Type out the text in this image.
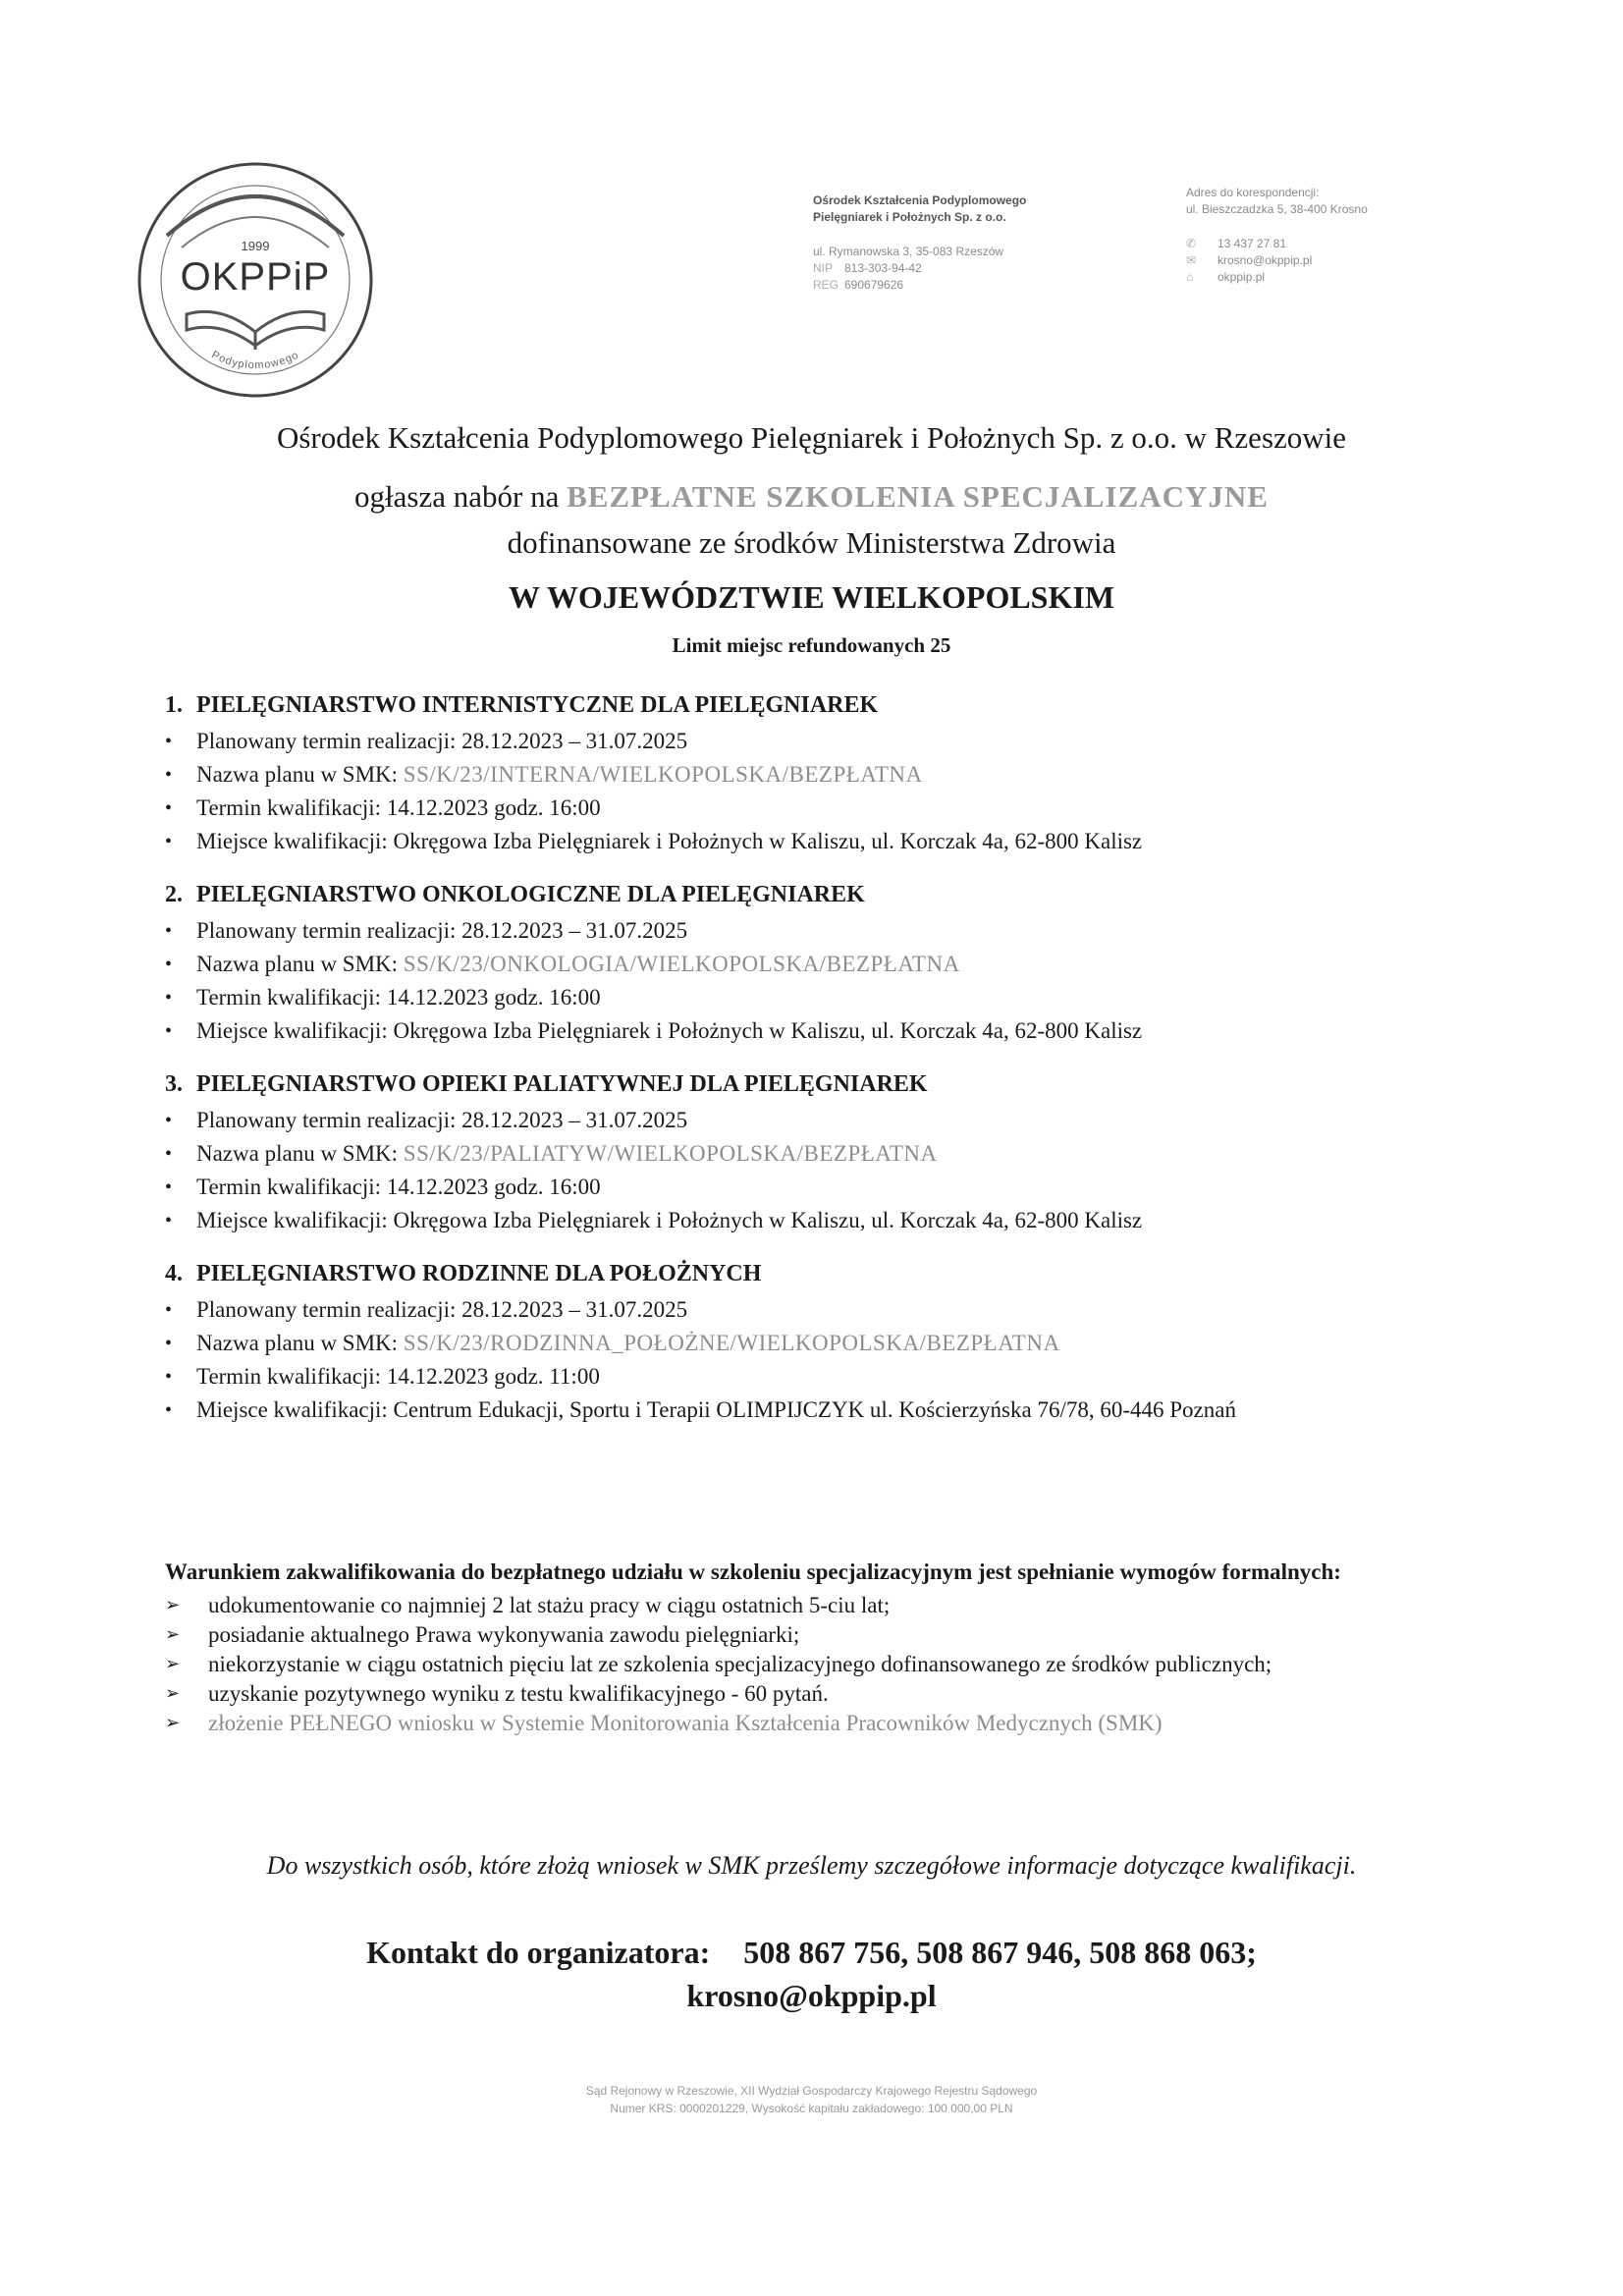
1999
OKPPiP
Podyplomowego
Ośrodek Kształcenia Podyplomowego
Pielęgniarek i Położnych Sp. z o.o.
ul. Rymanowska 3, 35-083 Rzeszów
NIP 813-303-94-42
REG 690679626
Adres do korespondencji:
ul. Bieszczadzka 5, 38-400 Krosno
✆	13 437 27 81
✉	krosno@okppip.pl
⌂	okppip.pl
Ośrodek Kształcenia Podyplomowego Pielęgniarek i Położnych Sp. z o.o. w Rzeszowie
ogłasza nabór na BEZPŁATNE SZKOLENIA SPECJALIZACYJNE
dofinansowane ze środków Ministerstwa Zdrowia
W WOJEWÓDZTWIE WIELKOPOLSKIM
Limit miejsc refundowanych 25
1. PIELĘGNIARSTWO INTERNISTYCZNE DLA PIELĘGNIAREK
•
Planowany termin realizacji: 28.12.2023 – 31.07.2025
•
Nazwa planu w SMK: SS/K/23/INTERNA/WIELKOPOLSKA/BEZPŁATNA
•
Termin kwalifikacji: 14.12.2023 godz. 16:00
•
Miejsce kwalifikacji: Okręgowa Izba Pielęgniarek i Położnych w Kaliszu, ul. Korczak 4a, 62-800 Kalisz
2. PIELĘGNIARSTWO ONKOLOGICZNE DLA PIELĘGNIAREK
•
Planowany termin realizacji: 28.12.2023 – 31.07.2025
•
Nazwa planu w SMK: SS/K/23/ONKOLOGIA/WIELKOPOLSKA/BEZPŁATNA
•
Termin kwalifikacji: 14.12.2023 godz. 16:00
•
Miejsce kwalifikacji: Okręgowa Izba Pielęgniarek i Położnych w Kaliszu, ul. Korczak 4a, 62-800 Kalisz
3. PIELĘGNIARSTWO OPIEKI PALIATYWNEJ DLA PIELĘGNIAREK
•
Planowany termin realizacji: 28.12.2023 – 31.07.2025
•
Nazwa planu w SMK: SS/K/23/PALIATYW/WIELKOPOLSKA/BEZPŁATNA
•
Termin kwalifikacji: 14.12.2023 godz. 16:00
•
Miejsce kwalifikacji: Okręgowa Izba Pielęgniarek i Położnych w Kaliszu, ul. Korczak 4a, 62-800 Kalisz
4. PIELĘGNIARSTWO RODZINNE DLA POŁOŻNYCH
•
Planowany termin realizacji: 28.12.2023 – 31.07.2025
•
Nazwa planu w SMK: SS/K/23/RODZINNA_POŁOŻNE/WIELKOPOLSKA/BEZPŁATNA
•
Termin kwalifikacji: 14.12.2023 godz. 11:00
•
Miejsce kwalifikacji: Centrum Edukacji, Sportu i Terapii OLIMPIJCZYK ul. Kościerzyńska 76/78, 60-446 Poznań
Warunkiem zakwalifikowania do bezpłatnego udziału w szkoleniu specjalizacyjnym jest spełnianie wymogów formalnych:
➢	udokumentowanie co najmniej 2 lat stażu pracy w ciągu ostatnich 5-ciu lat;
➢	posiadanie aktualnego Prawa wykonywania zawodu pielęgniarki;
➢	niekorzystanie w ciągu ostatnich pięciu lat ze szkolenia specjalizacyjnego dofinansowanego ze środków publicznych;
➢	uzyskanie pozytywnego wyniku z testu kwalifikacyjnego - 60 pytań.
➢	złożenie PEŁNEGO wniosku w Systemie Monitorowania Kształcenia Pracowników Medycznych (SMK)
Do wszystkich osób, które złożą wniosek w SMK prześlemy szczegółowe informacje dotyczące kwalifikacji.
Kontakt do organizatora: 508 867 756, 508 867 946, 508 868 063;
krosno@okppip.pl
Sąd Rejonowy w Rzeszowie, XII Wydział Gospodarczy Krajowego Rejestru Sądowego
Numer KRS: 0000201229, Wysokość kapitału zakładowego: 100 000,00 PLN
